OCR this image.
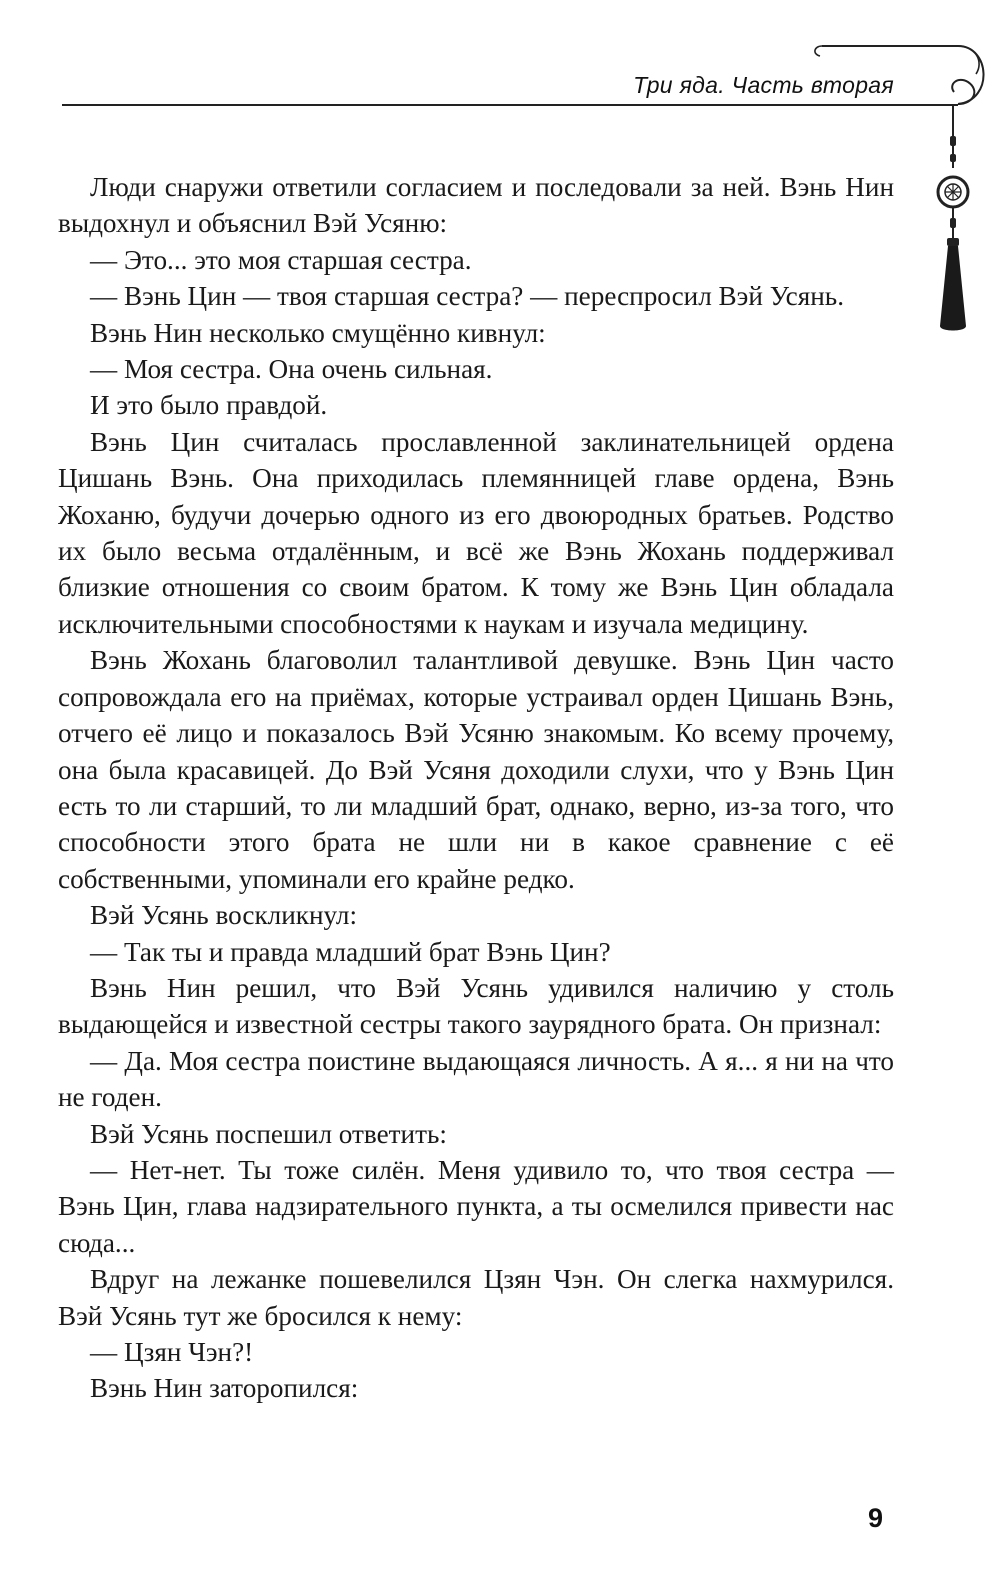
Три яда. Часть вторая

Люди снаружи ответили согласием и последовали за ней. Вэнь Нин выдохнул и объяснил Вэй Усяню:

— Это... это моя старшая сестра.

— Вэнь Цин — твоя старшая сестра? — переспросил Вэй Усянь.

Вэнь Нин несколько смущённо кивнул:

— Моя сестра. Она очень сильная.

И это было правдой.

Вэнь Цин считалась прославленной заклинательницей ордена Цишань Вэнь. Она приходилась племянницей главе ордена, Вэнь Жоханю, будучи дочерью одного из его двоюродных братьев. Родство их было весьма отдалённым, и всё же Вэнь Жохань поддерживал близкие отношения со своим братом. К тому же Вэнь Цин обладала исключительными способностями к наукам и изучала медицину.

Вэнь Жохань благоволил талантливой девушке. Вэнь Цин часто сопровождала его на приёмах, которые устраивал орден Цишань Вэнь, отчего её лицо и показалось Вэй Усяню знакомым. Ко всему прочему, она была красавицей. До Вэй Усяня доходили слухи, что у Вэнь Цин есть то ли старший, то ли младший брат, однако, верно, из-за того, что способности этого брата не шли ни в какое сравнение с её собственными, упоминали его крайне редко.

Вэй Усянь воскликнул:

— Так ты и правда младший брат Вэнь Цин?

Вэнь Нин решил, что Вэй Усянь удивился наличию у столь выдающейся и известной сестры такого заурядного брата. Он признал:

— Да. Моя сестра поистине выдающаяся личность. А я... я ни на что не годен.

Вэй Усянь поспешил ответить:

— Нет-нет. Ты тоже силён. Меня удивило то, что твоя сестра — Вэнь Цин, глава надзирательного пункта, а ты осмелился привести нас сюда...

Вдруг на лежанке пошевелился Цзян Чэн. Он слегка нахмурился. Вэй Усянь тут же бросился к нему:

— Цзян Чэн?!

Вэнь Нин заторопился:

9
